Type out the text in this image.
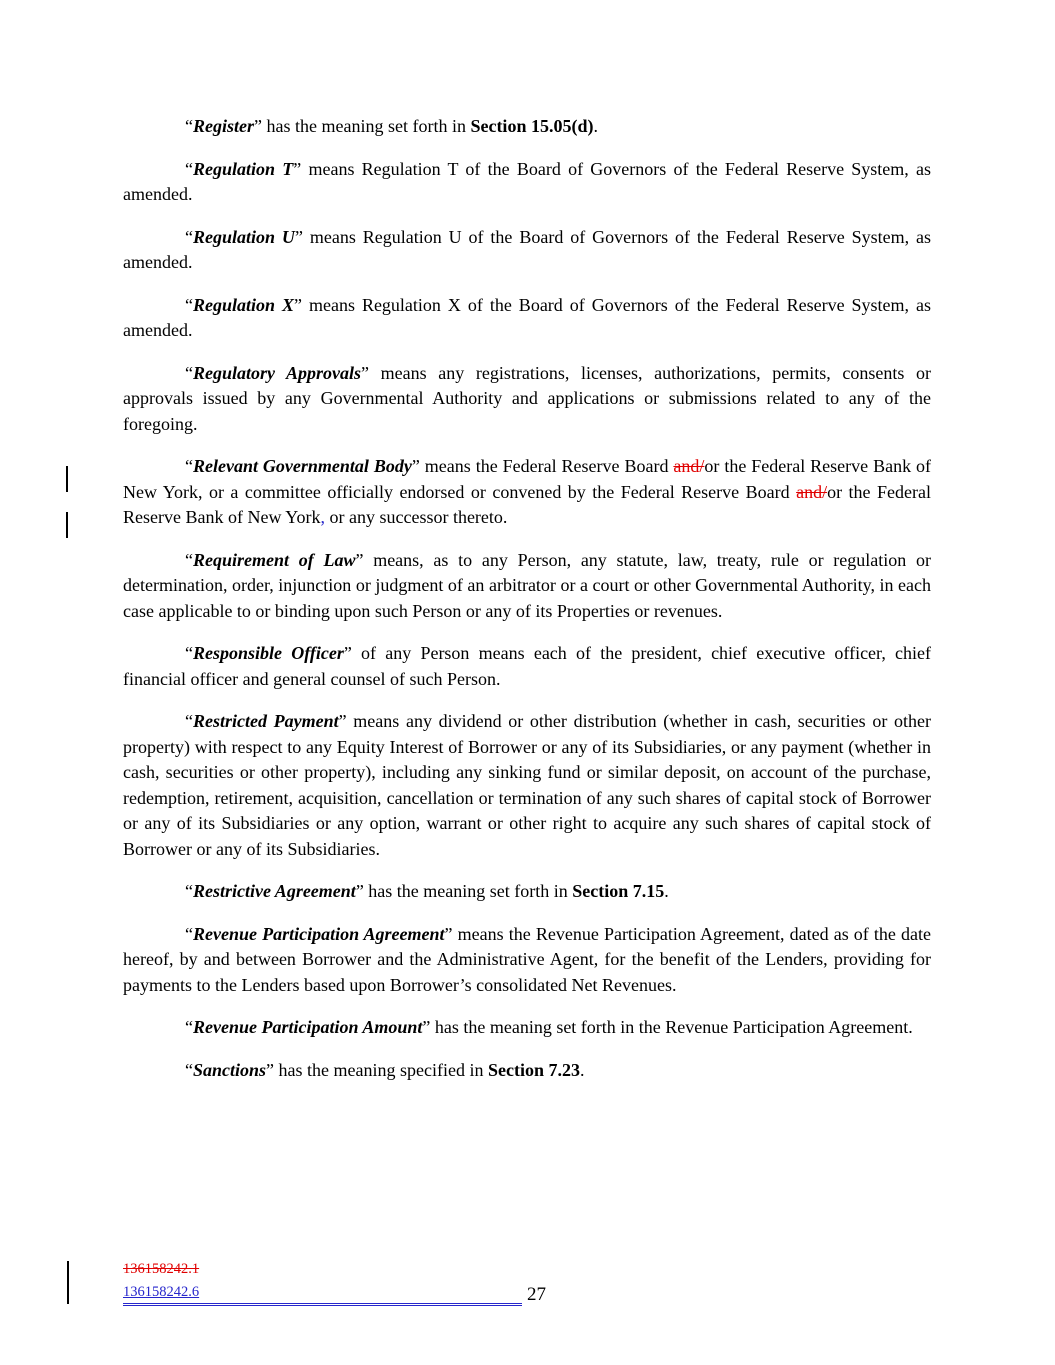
“Register” has the meaning set forth in Section 15.05(d).

“Regulation T” means Regulation T of the Board of Governors of the Federal Reserve System, as amended.

“Regulation U” means Regulation U of the Board of Governors of the Federal Reserve System, as amended.

“Regulation X” means Regulation X of the Board of Governors of the Federal Reserve System, as amended.

“Regulatory Approvals” means any registrations, licenses, authorizations, permits, consents or approvals issued by any Governmental Authority and applications or submissions related to any of the foregoing.

“Relevant Governmental Body” means the Federal Reserve Board and/or the Federal Reserve Bank of New York, or a committee officially endorsed or convened by the Federal Reserve Board and/or the Federal Reserve Bank of New York, or any successor thereto.

“Requirement of Law” means, as to any Person, any statute, law, treaty, rule or regulation or determination, order, injunction or judgment of an arbitrator or a court or other Governmental Authority, in each case applicable to or binding upon such Person or any of its Properties or revenues.

“Responsible Officer” of any Person means each of the president, chief executive officer, chief financial officer and general counsel of such Person.

“Restricted Payment” means any dividend or other distribution (whether in cash, securities or other property) with respect to any Equity Interest of Borrower or any of its Subsidiaries, or any payment (whether in cash, securities or other property), including any sinking fund or similar deposit, on account of the purchase, redemption, retirement, acquisition, cancellation or termination of any such shares of capital stock of Borrower or any of its Subsidiaries or any option, warrant or other right to acquire any such shares of capital stock of Borrower or any of its Subsidiaries.

“Restrictive Agreement” has the meaning set forth in Section 7.15.

“Revenue Participation Agreement” means the Revenue Participation Agreement, dated as of the date hereof, by and between Borrower and the Administrative Agent, for the benefit of the Lenders, providing for payments to the Lenders based upon Borrower’s consolidated Net Revenues.

“Revenue Participation Amount” has the meaning set forth in the Revenue Participation Agreement.

“Sanctions” has the meaning specified in Section 7.23.

136158242.1
136158242.6	27
